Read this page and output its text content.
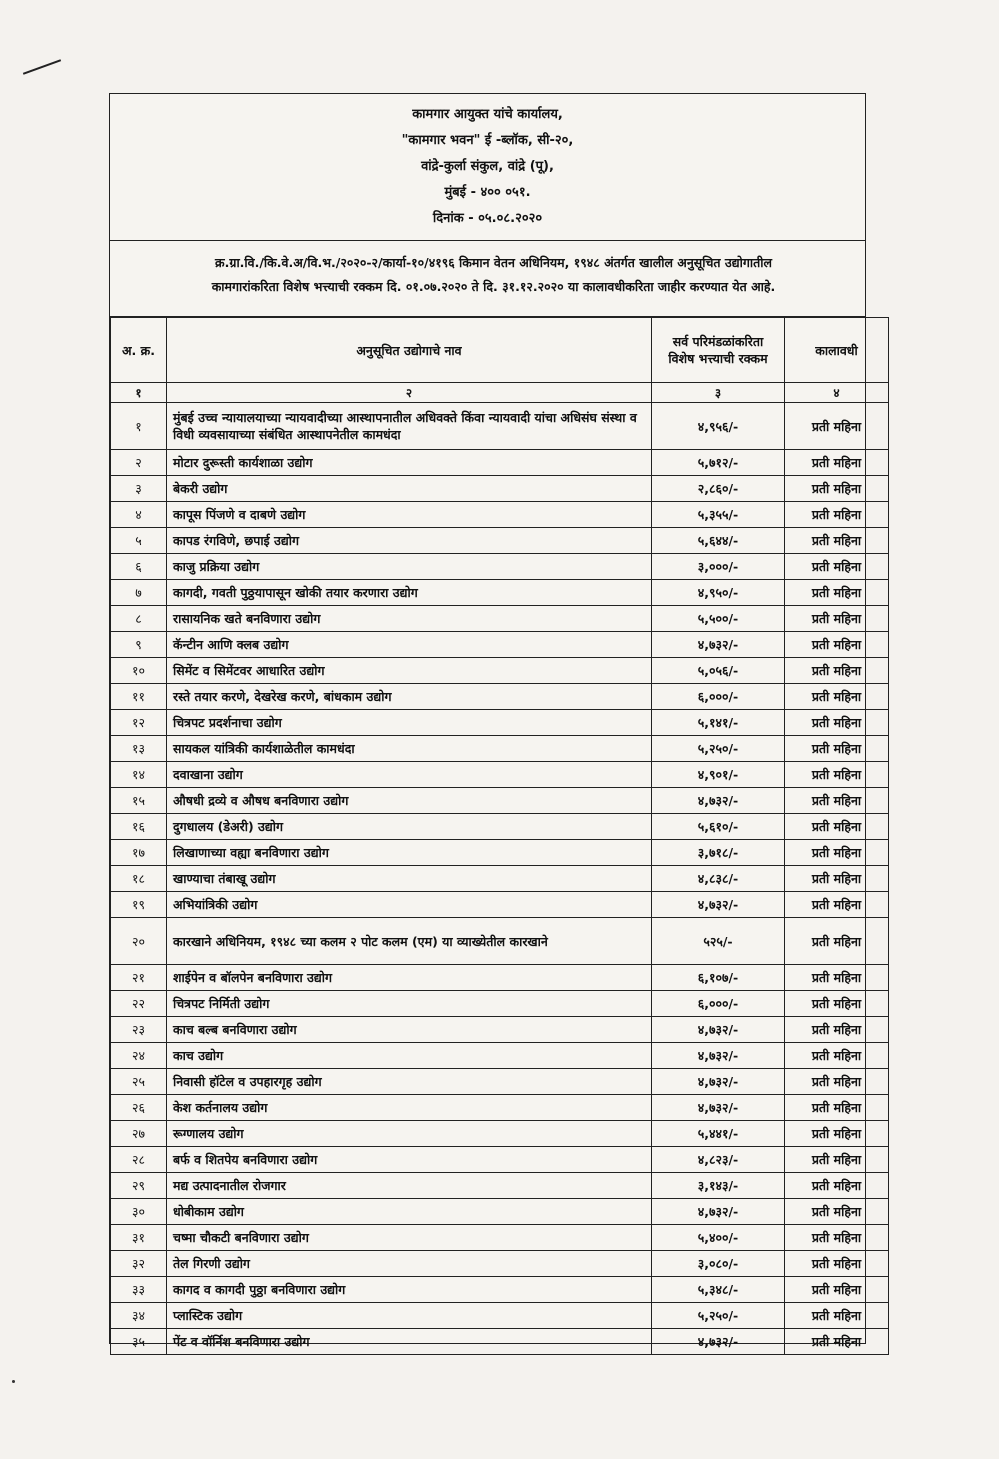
कामगार आयुक्त यांचे कार्यालय,
"कामगार भवन" ई -ब्लॉक, सी-२०,
वांद्रे-कुर्ला संकुल, वांद्रे (पू),
मुंबई - ४०० ०५१.
दिनांक - ०५.०८.२०२०
क्र.ग्रा.वि./कि.वे.अ/वि.भ./२०२०-२/कार्या-१०/४१९६ किमान वेतन अधिनियम, १९४८ अंतर्गत खालील अनुसूचित उद्योगातील
कामगारांकरिता विशेष भत्त्याची रक्कम दि. ०१.०७.२०२० ते दि. ३१.१२.२०२० या कालावधीकरिता जाहीर करण्यात येत आहे.
अ. क्र.	अनुसूचित उद्योगाचे नाव	सर्व परिमंडळांकरिता विशेष भत्त्याची रक्कम	कालावधी
१	२	३	४
१	मुंबई उच्च न्यायालयाच्या न्यायवादीच्या आस्थापनातील अधिवक्ते किंवा न्यायवादी यांचा अधिसंघ संस्था व विधी व्यवसायाच्या संबंधित आस्थापनेतील कामधंदा	४,९५६/-	प्रती महिना
२	मोटार दुरूस्ती कार्यशाळा उद्योग	५,७१२/-	प्रती महिना
३	बेकरी उद्योग	२,८६०/-	प्रती महिना
४	कापूस पिंजणे व दाबणे उद्योग	५,३५५/-	प्रती महिना
५	कापड रंगविणे, छपाई उद्योग	५,६४४/-	प्रती महिना
६	काजु प्रक्रिया उद्योग	३,०००/-	प्रती महिना
७	कागदी, गवती पुठ्ठयापासून खोकी तयार करणारा उद्योग	४,९५०/-	प्रती महिना
८	रासायनिक खते बनविणारा उद्योग	५,५००/-	प्रती महिना
९	कॅन्टीन आणि क्लब उद्योग	४,७३२/-	प्रती महिना
१०	सिमेंट व सिमेंटवर आधारित उद्योग	५,०५६/-	प्रती महिना
११	रस्ते तयार करणे, देखरेख करणे, बांधकाम उद्योग	६,०००/-	प्रती महिना
१२	चित्रपट प्रदर्शनाचा उद्योग	५,१४१/-	प्रती महिना
१३	सायकल यांत्रिकी कार्यशाळेतील कामधंदा	५,२५०/-	प्रती महिना
१४	दवाखाना उद्योग	४,९०१/-	प्रती महिना
१५	औषधी द्रव्ये व औषध बनविणारा उद्योग	४,७३२/-	प्रती महिना
१६	दुगधालय (डेअरी) उद्योग	५,६१०/-	प्रती महिना
१७	लिखाणाच्या वह्या बनविणारा उद्योग	३,७१८/-	प्रती महिना
१८	खाण्याचा तंबाखू उद्योग	४,८३८/-	प्रती महिना
१९	अभियांत्रिकी उद्योग	४,७३२/-	प्रती महिना
२०	कारखाने अधिनियम, १९४८ च्या कलम २ पोट कलम (एम) या व्याख्येतील कारखाने	५२५/-	प्रती महिना
२१	शाईपेन व बॉलपेन बनविणारा उद्योग	६,१०७/-	प्रती महिना
२२	चित्रपट निर्मिती उद्योग	६,०००/-	प्रती महिना
२३	काच बल्ब बनविणारा उद्योग	४,७३२/-	प्रती महिना
२४	काच उद्योग	४,७३२/-	प्रती महिना
२५	निवासी हॉटेल व उपहारगृह उद्योग	४,७३२/-	प्रती महिना
२६	केश कर्तनालय उद्योग	४,७३२/-	प्रती महिना
२७	रूग्णालय उद्योग	५,४४१/-	प्रती महिना
२८	बर्फ व शितपेय बनविणारा उद्योग	४,८२३/-	प्रती महिना
२९	मद्य उत्पादनातील रोजगार	३,१४३/-	प्रती महिना
३०	धोबीकाम उद्योग	४,७३२/-	प्रती महिना
३१	चष्मा चौकटी बनविणारा उद्योग	५,४००/-	प्रती महिना
३२	तेल गिरणी उद्योग	३,०८०/-	प्रती महिना
३३	कागद व कागदी पुठ्ठा बनविणारा उद्योग	५,३४८/-	प्रती महिना
३४	प्लास्टिक उद्योग	५,२५०/-	प्रती महिना
३५	पेंट व वॉर्निश बनविणारा उद्योग	४,७३२/-	प्रती महिना
